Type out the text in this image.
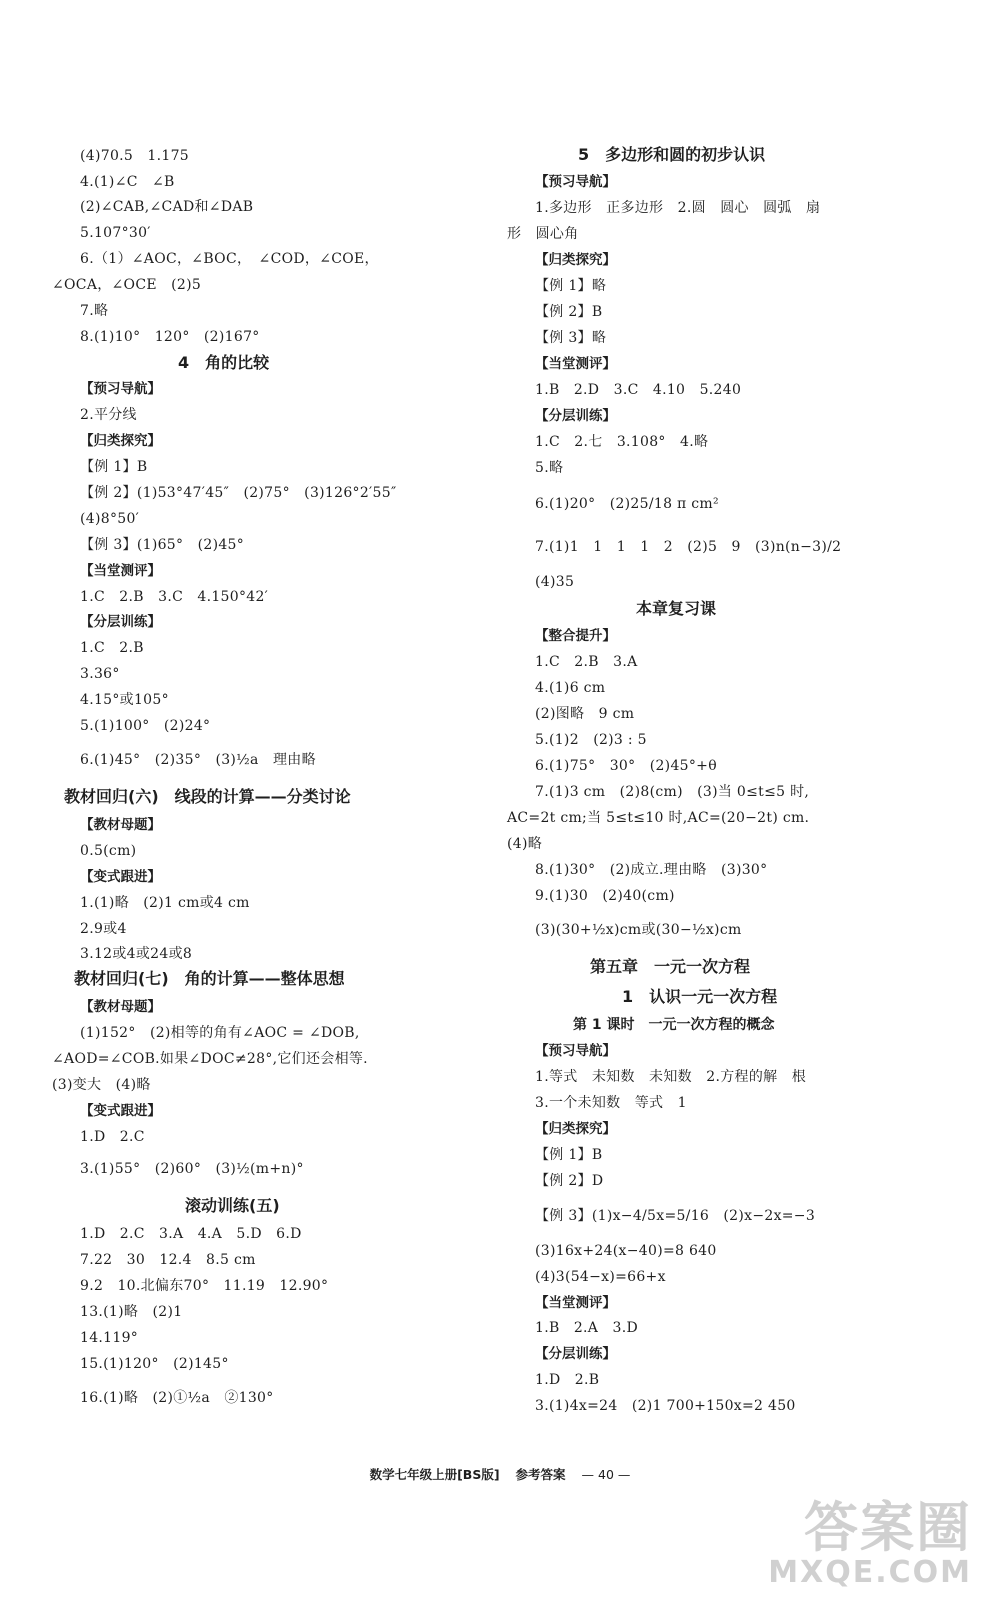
(4)70.5　1.175
4.(1)∠C　∠B
(2)∠CAB,∠CAD和∠DAB
5.107°30′
6.（1）∠AOC，∠BOC，　∠COD，∠COE，
∠OCA，∠OCE　(2)5
7.略
8.(1)10°　120°　(2)167°
4　角的比较
【预习导航】
2.平分线
【归类探究】
【例 1】B
【例 2】(1)53°47′45″　(2)75°　(3)126°2′55″
(4)8°50′
【例 3】(1)65°　(2)45°
【当堂测评】
1.C　2.B　3.C　4.150°42′
【分层训练】
1.C　2.B
3.36°
4.15°或105°
5.(1)100°　(2)24°
6.(1)45°　(2)35°　(3)½a　理由略
教材回归(六)　线段的计算——分类讨论
【教材母题】
0.5(cm)
【变式跟进】
1.(1)略　(2)1 cm或4 cm
2.9或4
3.12或4或24或8
教材回归(七)　角的计算——整体思想
【教材母题】
(1)152°　(2)相等的角有∠AOC = ∠DOB,
∠AOD=∠COB.如果∠DOC≠28°,它们还会相等.
(3)变大　(4)略
【变式跟进】
1.D　2.C
3.(1)55°　(2)60°　(3)½(m+n)°
滚动训练(五)
1.D　2.C　3.A　4.A　5.D　6.D
7.22　30　12.4　8.5 cm
9.2　10.北偏东70°　11.19　12.90°
13.(1)略　(2)1
14.119°
15.(1)120°　(2)145°
16.(1)略　(2)①½a　②130°
5　多边形和圆的初步认识
【预习导航】
1.多边形　正多边形　2.圆　圆心　圆弧　扇
形　圆心角
【归类探究】
【例 1】略
【例 2】B
【例 3】略
【当堂测评】
1.B　2.D　3.C　4.10　5.240
【分层训练】
1.C　2.七　3.108°　4.略
5.略
6.(1)20°　(2)25/18 π cm²
7.(1)1　1　1　1　2　(2)5　9　(3)n(n−3)/2
(4)35
本章复习课
【整合提升】
1.C　2.B　3.A
4.(1)6 cm
(2)图略　9 cm
5.(1)2　(2)3 : 5
6.(1)75°　30°　(2)45°+θ
7.(1)3 cm　(2)8(cm)　(3)当 0≤t≤5 时,
AC=2t cm;当 5≤t≤10 时,AC=(20−2t) cm.
(4)略
8.(1)30°　(2)成立.理由略　(3)30°
9.(1)30　(2)40(cm)
(3)(30+½x)cm或(30−½x)cm
第五章　一元一次方程
1　认识一元一次方程
第 1 课时　一元一次方程的概念
【预习导航】
1.等式　未知数　未知数　2.方程的解　根
3.一个未知数　等式　1
【归类探究】
【例 1】B
【例 2】D
【例 3】(1)x−4/5x=5/16　(2)x−2x=−3
(3)16x+24(x−40)=8 640
(4)3(54−x)=66+x
【当堂测评】
1.B　2.A　3.D
【分层训练】
1.D　2.B
3.(1)4x=24　(2)1 700+150x=2 450
数学七年级上册[BS版] 参考答案 — 40 —
答案圈
MXQE.COM
